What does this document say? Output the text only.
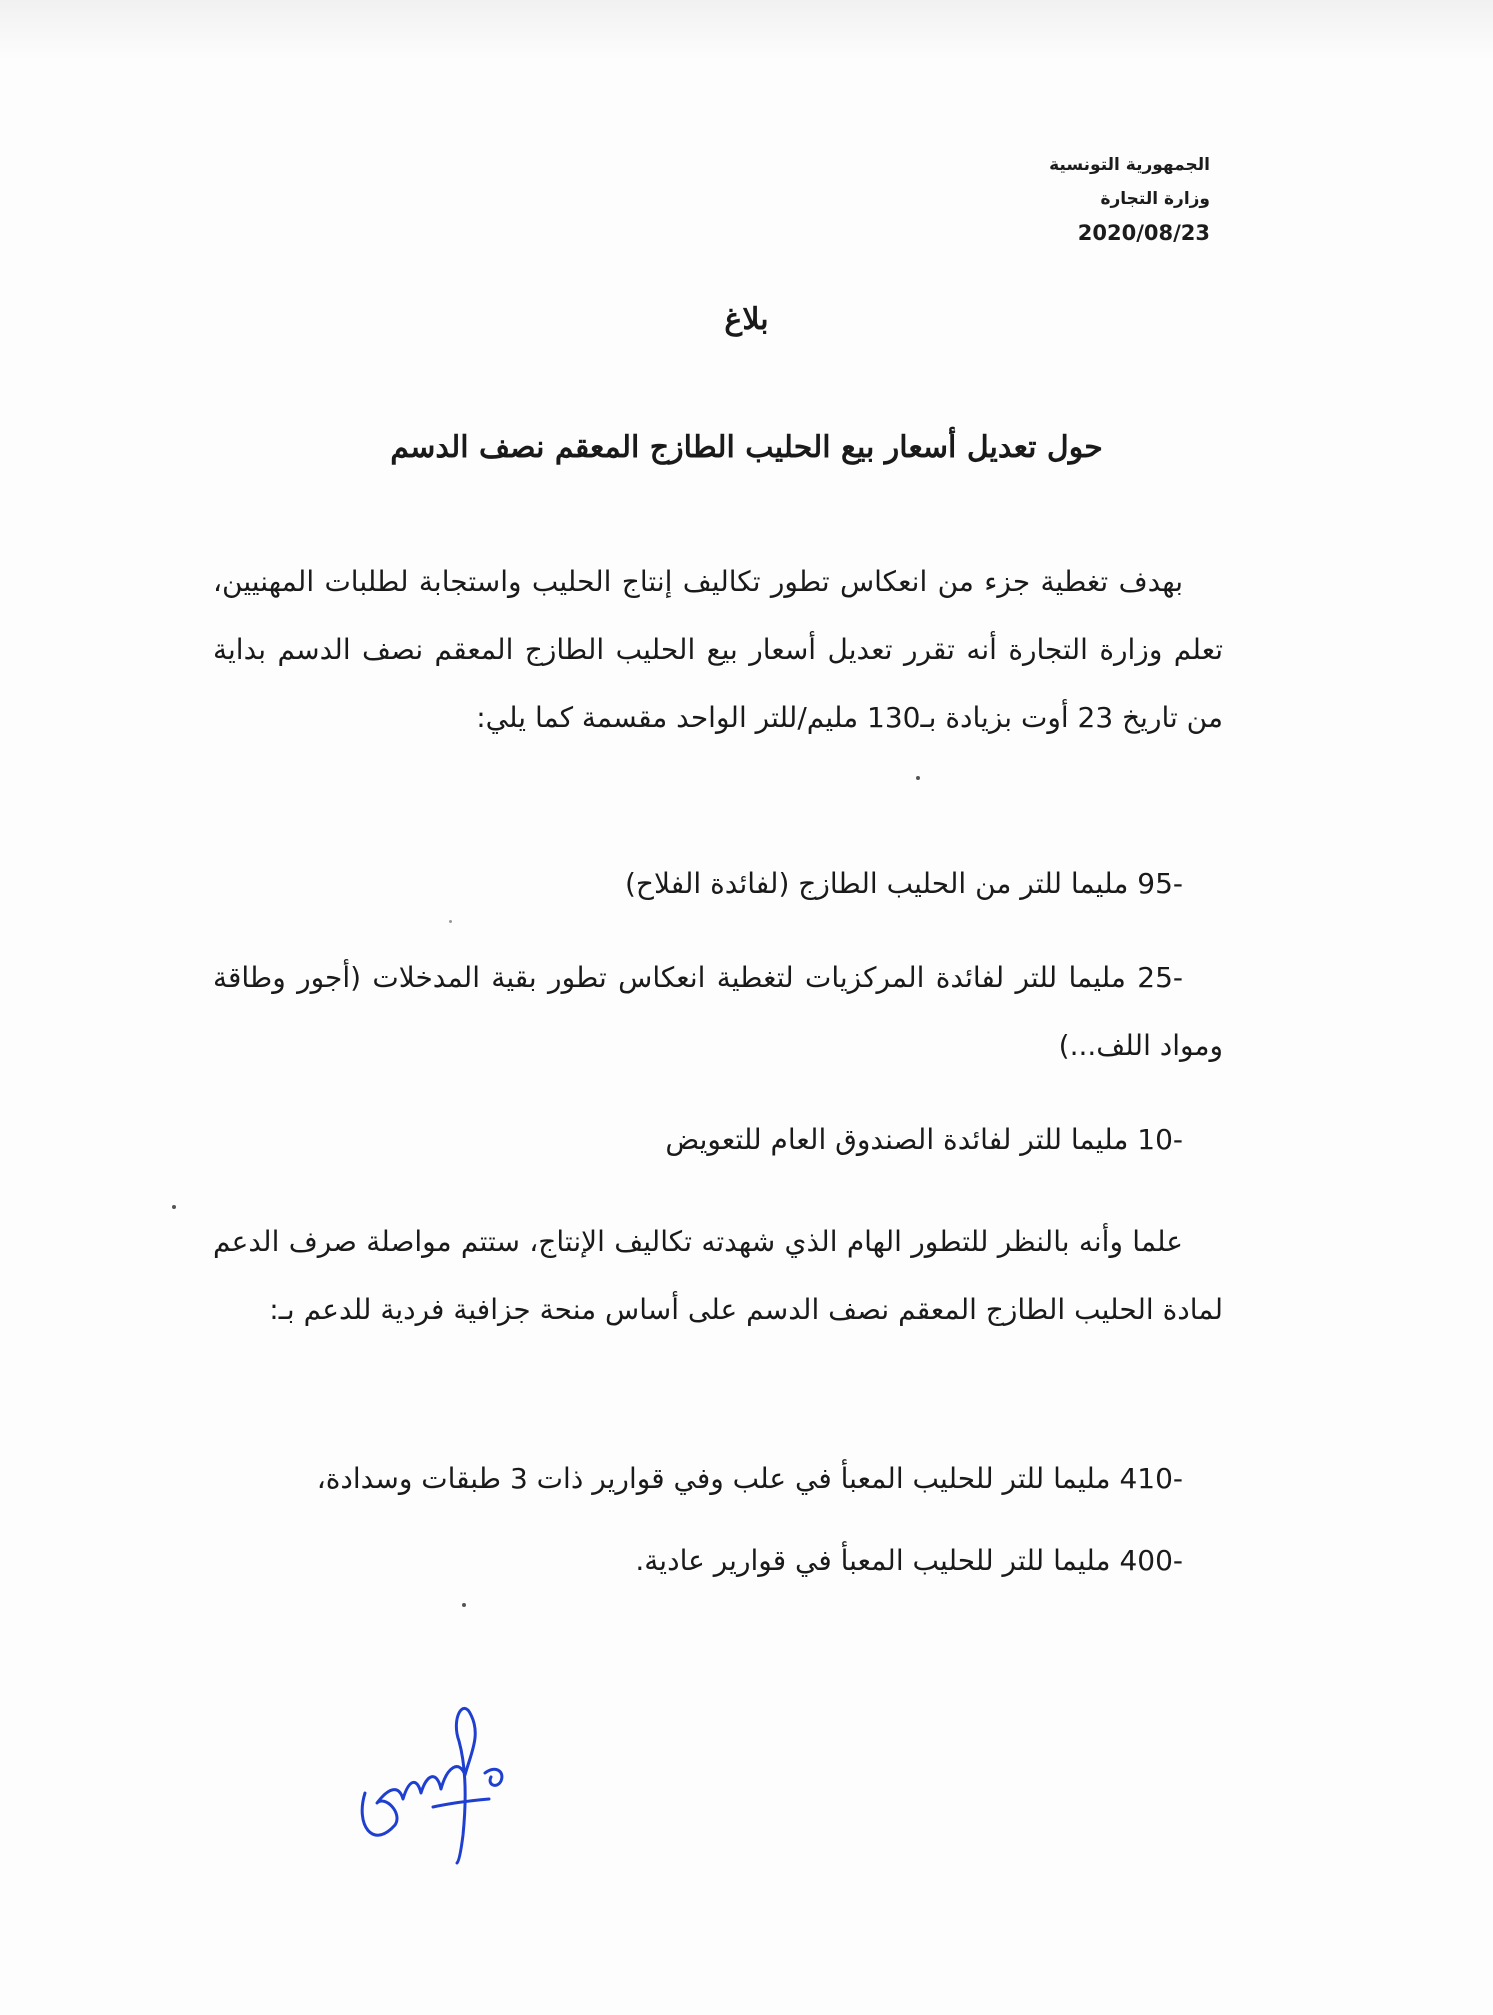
الجمهورية التونسية
وزارة التجارة
2020/08/23
بلاغ
حول تعديل أسعار بيع الحليب الطازج المعقم نصف الدسم

بهدف تغطية جزء من انعكاس تطور تكاليف إنتاج الحليب واستجابة لطلبات المهنيين، تعلم وزارة التجارة أنه تقرر تعديل أسعار بيع الحليب الطازج المعقم نصف الدسم بداية من تاريخ 23 أوت بزيادة بـ130 مليم/للتر الواحد مقسمة كما يلي:

-95 مليما للتر من الحليب الطازج (لفائدة الفلاح)

-25 مليما للتر لفائدة المركزيات لتغطية انعكاس تطور بقية المدخلات (أجور وطاقة ومواد اللف...)

-10 مليما للتر لفائدة الصندوق العام للتعويض

علما وأنه بالنظر للتطور الهام الذي شهدته تكاليف الإنتاج، ستتم مواصلة صرف الدعم لمادة الحليب الطازج المعقم نصف الدسم على أساس منحة جزافية فردية للدعم بـ:

-410 مليما للتر للحليب المعبأ في علب وفي قوارير ذات 3 طبقات وسدادة،

-400 مليما للتر للحليب المعبأ في قوارير عادية.
